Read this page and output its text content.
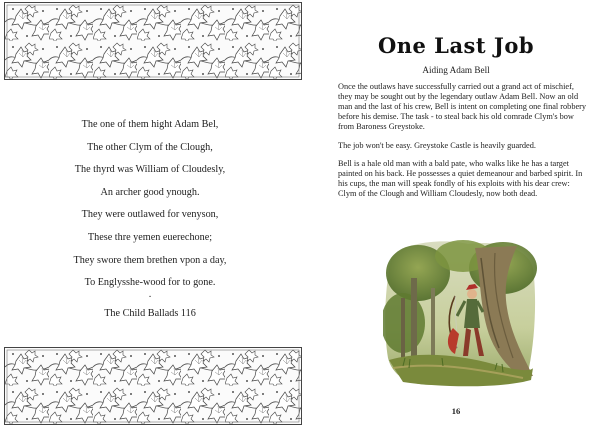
The one of them hight Adam Bel,
The other Clym of the Clough,
The thyrd was William of Cloudesly,
An archer good ynough.
They were outlawed for venyson,
These thre yemen euerechone;
They swore them brethen vpon a day,
To Englysshe-wood for to gone.
·
The Child Ballads 116
One Last Job
Aiding Adam Bell

Once the outlaws have successfully carried out a grand act of mischief, they may be sought out by the legendary outlaw Adam Bell. Now an old man and the last of his crew, Bell is intent on completing one final robbery before his demise. The task - to steal back his old comrade Clym's bow from Baroness Greystoke.

The job won't be easy. Greystoke Castle is heavily guarded.

Bell is a hale old man with a bald pate, who walks like he has a target painted on his back. He possesses a quiet demeanour and barbed spirit. In his cups, the man will speak fondly of his exploits with his dear crew: Clym of the Clough and William Cloudesly, now both dead.

16
